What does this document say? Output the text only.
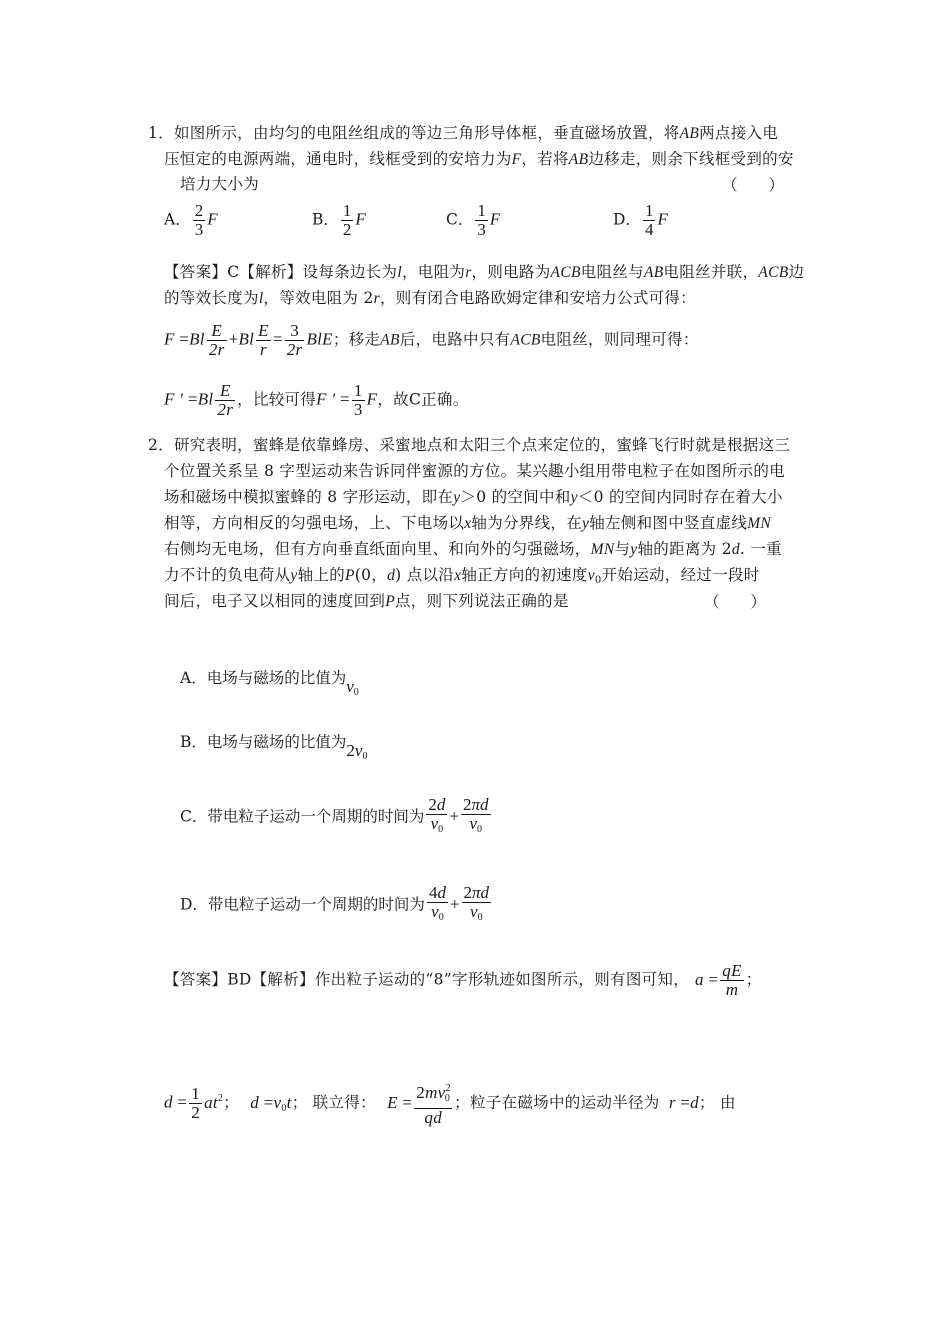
1．如图所示，由均匀的电阻丝组成的等边三角形导体框，垂直磁场放置，将AB两点接入电
压恒定的电源两端，通电时，线框受到的安培力为F，若将AB边移走，则余下线框受到的安
培力大小为	（　　）
A． $\frac{2}{3}$ F	B． $\frac{1}{2}$ F	C． $\frac{1}{3}$ F	D． $\frac{1}{4}$ F
【答案】C【解析】设每条边长为l，电阻为r，则电路为ACB电阻丝与AB电阻丝并联，ACB边
的等效长度为l，等效电阻为 2r，则有闭合电路欧姆定律和安培力公式可得：
$F =Bl \frac{E}{2r} +Bl \frac{E}{r} = \frac{3}{2r}$ BlE；移走AB后，电路中只有ACB电阻丝，则同理可得：
F ′ $=Bl \frac{E}{2r}$ ，比较可得F ′ = $\frac{1}{3}$ F，故C正确。
2．研究表明，蜜蜂是依靠蜂房、采蜜地点和太阳三个点来定位的，蜜蜂飞行时就是根据这三
个位置关系呈 8 字型运动来告诉同伴蜜源的方位。某兴趣小组用带电粒子在如图所示的电
场和磁场中模拟蜜蜂的 8 字形运动，即在y＞0 的空间中和y＜0 的空间内同时存在着大小
相等，方向相反的匀强电场，上、下电场以x轴为分界线，在y轴左侧和图中竖直虚线MN
右侧均无电场，但有方向垂直纸面向里、和向外的匀强磁场，MN与y轴的距离为 2d. 一重
力不计的负电荷从y轴上的P(0，d) 点以沿x轴正方向的初速度$v_0$开始运动，经过一段时
间后，电子又以相同的速度回到P点，则下列说法正确的是	（　　）
A．电场与磁场的比值为$v_0$
B．电场与磁场的比值为$2v_0$
C．带电粒子运动一个周期的时间为 $\frac{2d}{v_0} + \frac{2\pi d}{v_0}$
D．带电粒子运动一个周期的时间为 $\frac{4d}{v_0} + \frac{2\pi d}{v_0}$
【答案】BD【解析】作出粒子运动的“8”字形轨迹如图所示，则有图可知， $a = \frac{qE}{m}$ ；
$d = \frac{1}{2} at^2$； $d =v_0t$； 联立得： $E = \frac{2mv^2_0}{qd}$ ；粒子在磁场中的运动半径为 r =d； 由
